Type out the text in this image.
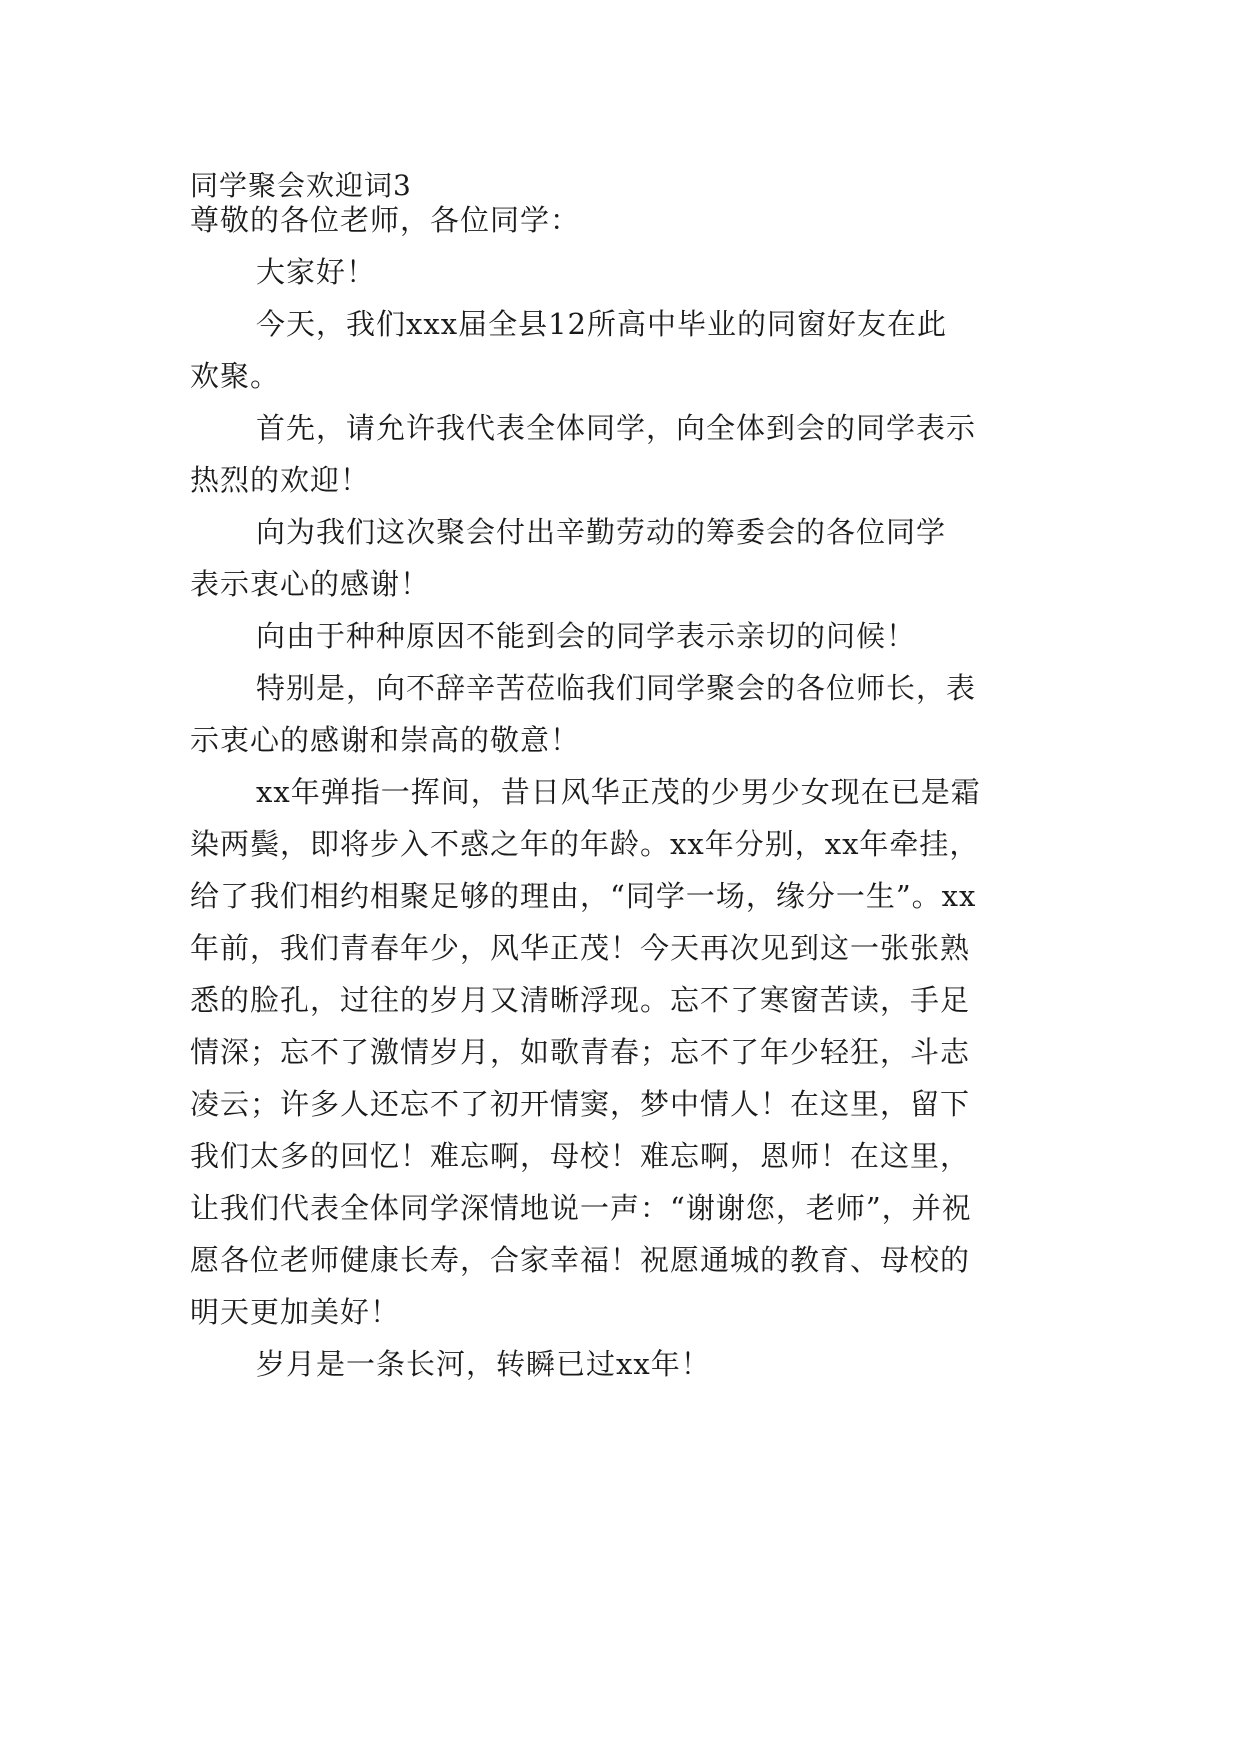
同学聚会欢迎词3
尊敬的各位老师，各位同学：
大家好！
今天，我们xxx届全县12所高中毕业的同窗好友在此
欢聚。
首先，请允许我代表全体同学，向全体到会的同学表示
热烈的欢迎！
向为我们这次聚会付出辛勤劳动的筹委会的各位同学
表示衷心的感谢！
向由于种种原因不能到会的同学表示亲切的问候！
特别是，向不辞辛苦莅临我们同学聚会的各位师长，表
示衷心的感谢和崇高的敬意！
xx年弹指一挥间，昔日风华正茂的少男少女现在已是霜
染两鬓，即将步入不惑之年的年龄。xx年分别，xx年牵挂，
给了我们相约相聚足够的理由，“同学一场，缘分一生”。xx
年前，我们青春年少，风华正茂！今天再次见到这一张张熟
悉的脸孔，过往的岁月又清晰浮现。忘不了寒窗苦读，手足
情深；忘不了激情岁月，如歌青春；忘不了年少轻狂，斗志
凌云；许多人还忘不了初开情窦，梦中情人！在这里，留下
我们太多的回忆！难忘啊，母校！难忘啊，恩师！在这里，
让我们代表全体同学深情地说一声：“谢谢您，老师”，并祝
愿各位老师健康长寿，合家幸福！祝愿通城的教育、母校的
明天更加美好！
岁月是一条长河，转瞬已过xx年！
